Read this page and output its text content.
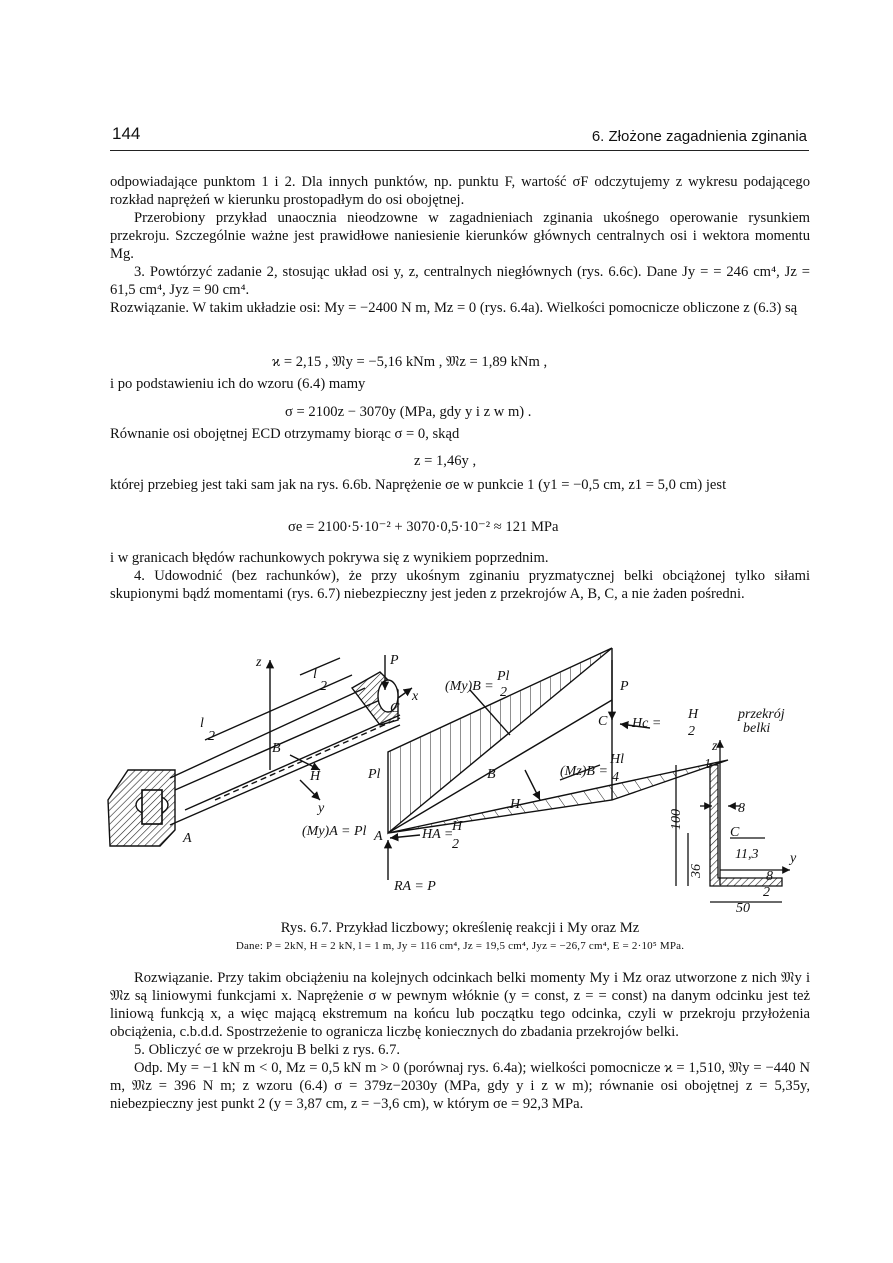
144	6. Złożone zagadnienia zginania

odpowiadające punktom 1 i 2. Dla innych punktów, np. punktu F, wartość σF odczytujemy z wykresu podającego rozkład naprężeń w kierunku prostopadłym do osi obojętnej.

Przerobiony przykład unaocznia nieodzowne w zagadnieniach zginania ukośnego operowanie rysunkiem przekroju. Szczególnie ważne jest prawidłowe naniesienie kierunków głównych centralnych osi i wektora momentu Mg.

3. Powtórzyć zadanie 2, stosując układ osi y, z, centralnych niegłównych (rys. 6.6c). Dane Jy = = 246 cm⁴, Jz = 61,5 cm⁴, Jyz = 90 cm⁴.

Rozwiązanie. W takim układzie osi: My = −2400 N m, Mz = 0 (rys. 6.4a). Wielkości pomocnicze obliczone z (6.3) są

ϰ = 2,15 , 𝔐y = −5,16 kNm , 𝔐z = 1,89 kNm ,
i po podstawieniu ich do wzoru (6.4) mamy
σ = 2100z − 3070y (MPa, gdy y i z w m) .
Równanie osi obojętnej ECD otrzymamy biorąc σ = 0, skąd
z = 1,46y ,
której przebieg jest taki sam jak na rys. 6.6b. Naprężenie σe w punkcie 1 (y1 = −0,5 cm, z1 = 5,0 cm) jest
σe = 2100·5·10⁻² + 3070·0,5·10⁻² ≈ 121 MPa

i w granicach błędów rachunkowych pokrywa się z wynikiem poprzednim.

4. Udowodnić (bez rachunków), że przy ukośnym zginaniu pryzmatycznej belki obciążonej tylko siłami skupionymi bądź momentami (rys. 6.7) niebezpieczny jest jeden z przekrojów A, B, C, a nie żaden pośredni.

z	P
x
B
H
y
A
l
2
l
2
C
(My)B =
Pl
2	P
C Hc =
H
2
Pl	B	(Mz)B =
Hl
4
H
(My)A = Pl A	HA =
H
2
RA = P
przekrój
belki
z
1
8
C
11,3 y
8
2
50
100
36
Rys. 6.7. Przykład liczbowy; określenię reakcji i My oraz Mz
Dane: P = 2kN, H = 2 kN, l = 1 m, Jy = 116 cm⁴, Jz = 19,5 cm⁴, Jyz = −26,7 cm⁴, E = 2·10⁵ MPa.

Rozwiązanie. Przy takim obciążeniu na kolejnych odcinkach belki momenty My i Mz oraz utworzone z nich 𝔐y i 𝔐z są liniowymi funkcjami x. Naprężenie σ w pewnym włóknie (y = const, z = = const) na danym odcinku jest też liniową funkcją x, a więc mającą ekstremum na końcu lub początku tego odcinka, czyli w przekroju przyłożenia obciążenia, c.b.d.d. Spostrzeżenie to ogranicza liczbę koniecznych do zbadania przekrojów belki.

5. Obliczyć σe w przekroju B belki z rys. 6.7.

Odp. My = −1 kN m < 0, Mz = 0,5 kN m > 0 (porównaj rys. 6.4a); wielkości pomocnicze ϰ = 1,510, 𝔐y = −440 N m, 𝔐z = 396 N m; z wzoru (6.4) σ = 379z−2030y (MPa, gdy y i z w m); równanie osi obojętnej z = 5,35y, niebezpieczny jest punkt 2 (y = 3,87 cm, z = −3,6 cm), w którym σe = 92,3 MPa.
